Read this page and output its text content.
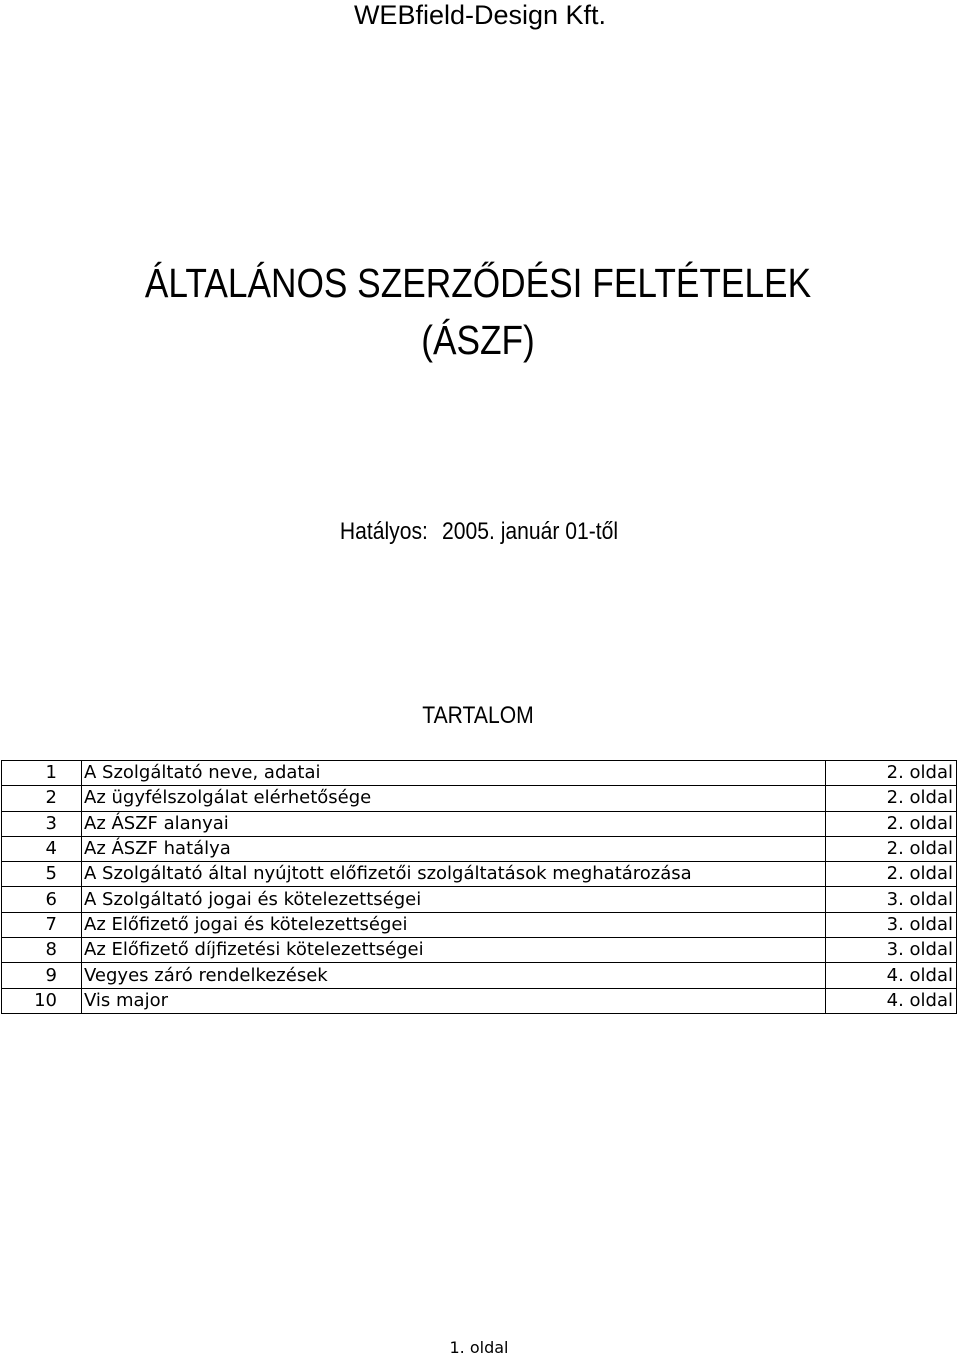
WEBfield-Design Kft.
ÁLTALÁNOS SZERZŐDÉSI FELTÉTELEK
(ÁSZF)
Hatályos: 2005. január 01-től
TARTALOM
1	A Szolgáltató neve, adatai	2. oldal
2	Az ügyfélszolgálat elérhetősége	2. oldal
3	Az ÁSZF alanyai	2. oldal
4	Az ÁSZF hatálya	2. oldal
5	A Szolgáltató által nyújtott előfizetői szolgáltatások meghatározása	2. oldal
6	A Szolgáltató jogai és kötelezettségei	3. oldal
7	Az Előfizető jogai és kötelezettségei	3. oldal
8	Az Előfizető díjfizetési kötelezettségei	3. oldal
9	Vegyes záró rendelkezések	4. oldal
10	Vis major	4. oldal
1. oldal
